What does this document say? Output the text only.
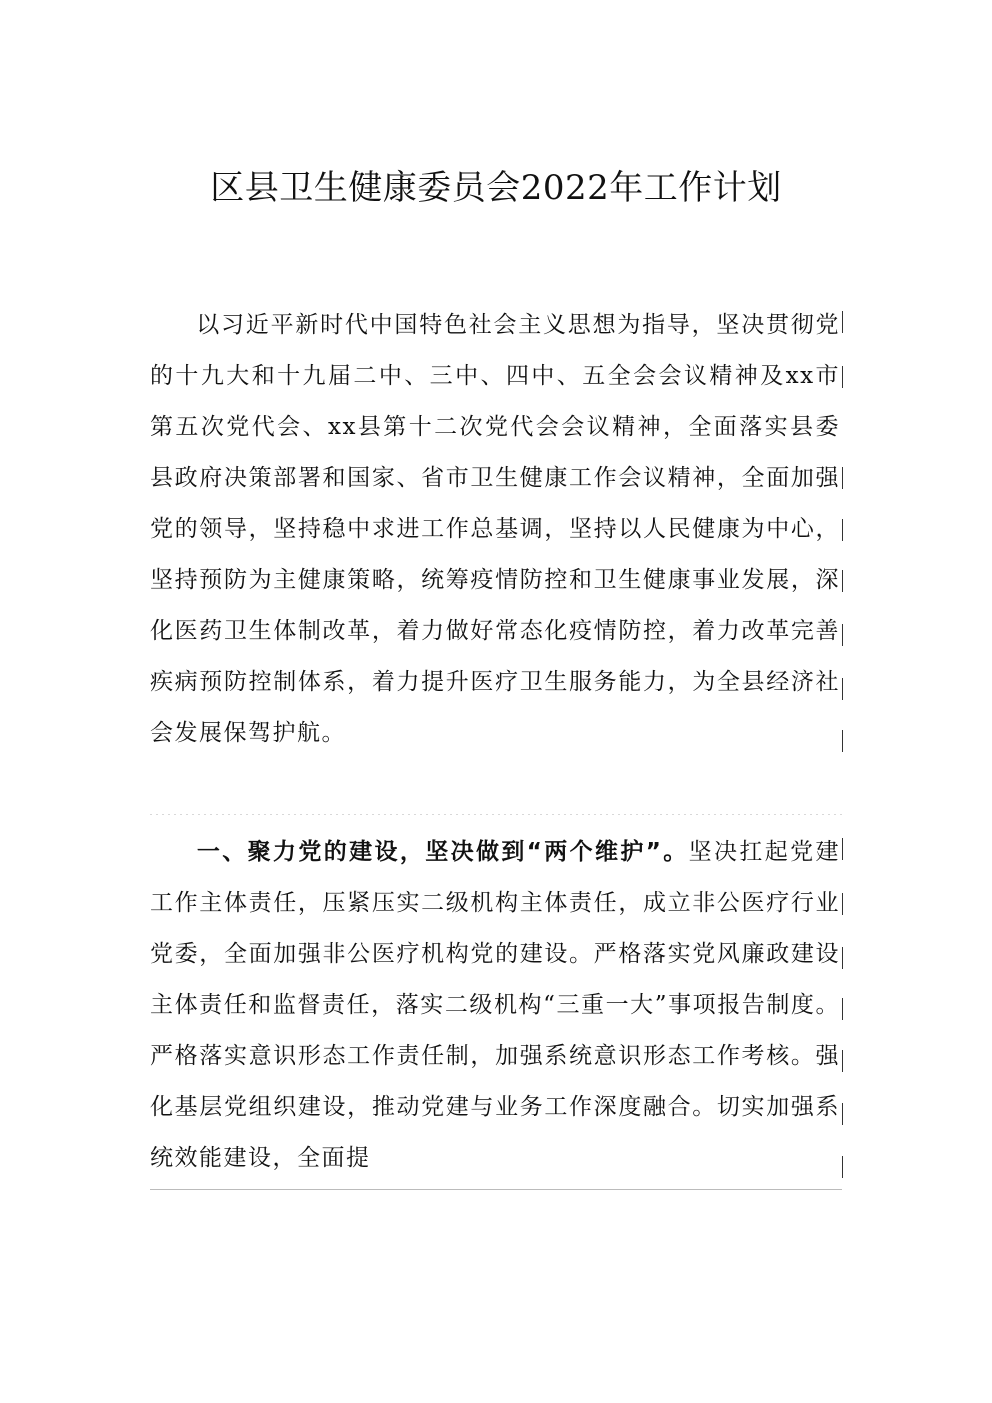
区县卫生健康委员会2022年工作计划

以习近平新时代中国特色社会主义思想为指导，坚决贯彻党的十九大和十九届二中、三中、四中、五全会会议精神及xx市第五次党代会、xx县第十二次党代会会议精神，全面落实县委县政府决策部署和国家、省市卫生健康工作会议精神，全面加强党的领导，坚持稳中求进工作总基调，坚持以人民健康为中心，坚持预防为主健康策略，统筹疫情防控和卫生健康事业发展，深化医药卫生体制改革，着力做好常态化疫情防控，着力改革完善疾病预防控制体系，着力提升医疗卫生服务能力，为全县经济社会发展保驾护航。

一、聚力党的建设，坚决做到“两个维护”。坚决扛起党建工作主体责任，压紧压实二级机构主体责任，成立非公医疗行业党委，全面加强非公医疗机构党的建设。严格落实党风廉政建设主体责任和监督责任，落实二级机构“三重一大”事项报告制度。严格落实意识形态工作责任制，加强系统意识形态工作考核。强化基层党组织建设，推动党建与业务工作深度融合。切实加强系统效能建设，全面提
